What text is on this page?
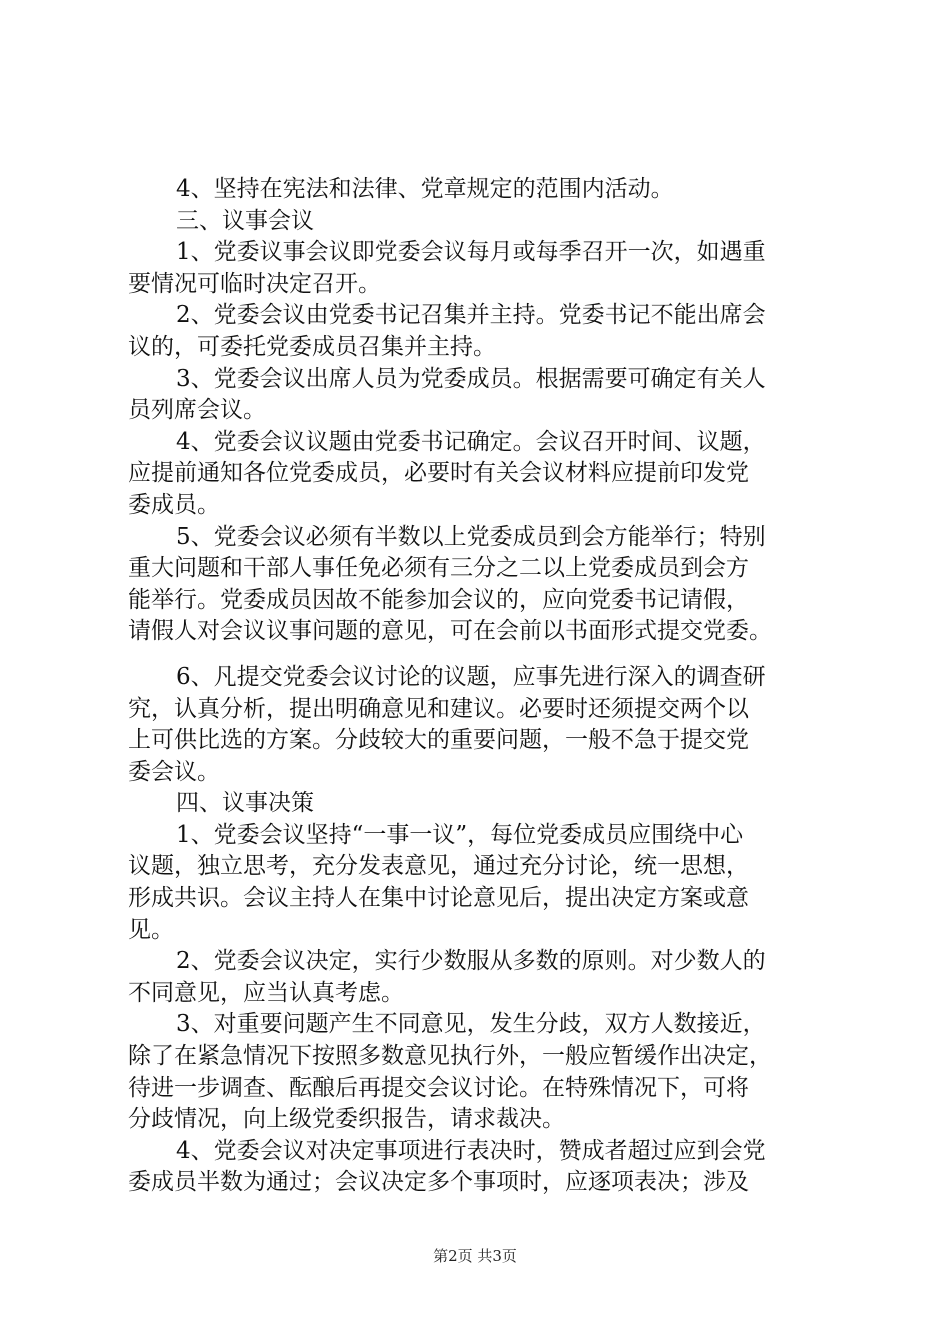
4、坚持在宪法和法律、党章规定的范围内活动。
三、议事会议
1、党委议事会议即党委会议每月或每季召开一次，如遇重
要情况可临时决定召开。
2、党委会议由党委书记召集并主持。党委书记不能出席会
议的，可委托党委成员召集并主持。
3、党委会议出席人员为党委成员。根据需要可确定有关人
员列席会议。
4、党委会议议题由党委书记确定。会议召开时间、议题，
应提前通知各位党委成员，必要时有关会议材料应提前印发党
委成员。
5、党委会议必须有半数以上党委成员到会方能举行；特别
重大问题和干部人事任免必须有三分之二以上党委成员到会方
能举行。党委成员因故不能参加会议的，应向党委书记请假，
请假人对会议议事问题的意见，可在会前以书面形式提交党委。
6、凡提交党委会议讨论的议题，应事先进行深入的调查研
究，认真分析，提出明确意见和建议。必要时还须提交两个以
上可供比选的方案。分歧较大的重要问题，一般不急于提交党
委会议。
四、议事决策
1、党委会议坚持“一事一议”，每位党委成员应围绕中心
议题，独立思考，充分发表意见，通过充分讨论，统一思想，
形成共识。会议主持人在集中讨论意见后，提出决定方案或意
见。
2、党委会议决定，实行少数服从多数的原则。对少数人的
不同意见，应当认真考虑。
3、对重要问题产生不同意见，发生分歧，双方人数接近，
除了在紧急情况下按照多数意见执行外，一般应暂缓作出决定，
待进一步调查、酝酿后再提交会议讨论。在特殊情况下，可将
分歧情况，向上级党委织报告，请求裁决。
4、党委会议对决定事项进行表决时，赞成者超过应到会党
委成员半数为通过；会议决定多个事项时，应逐项表决；涉及
第2页 共3页
